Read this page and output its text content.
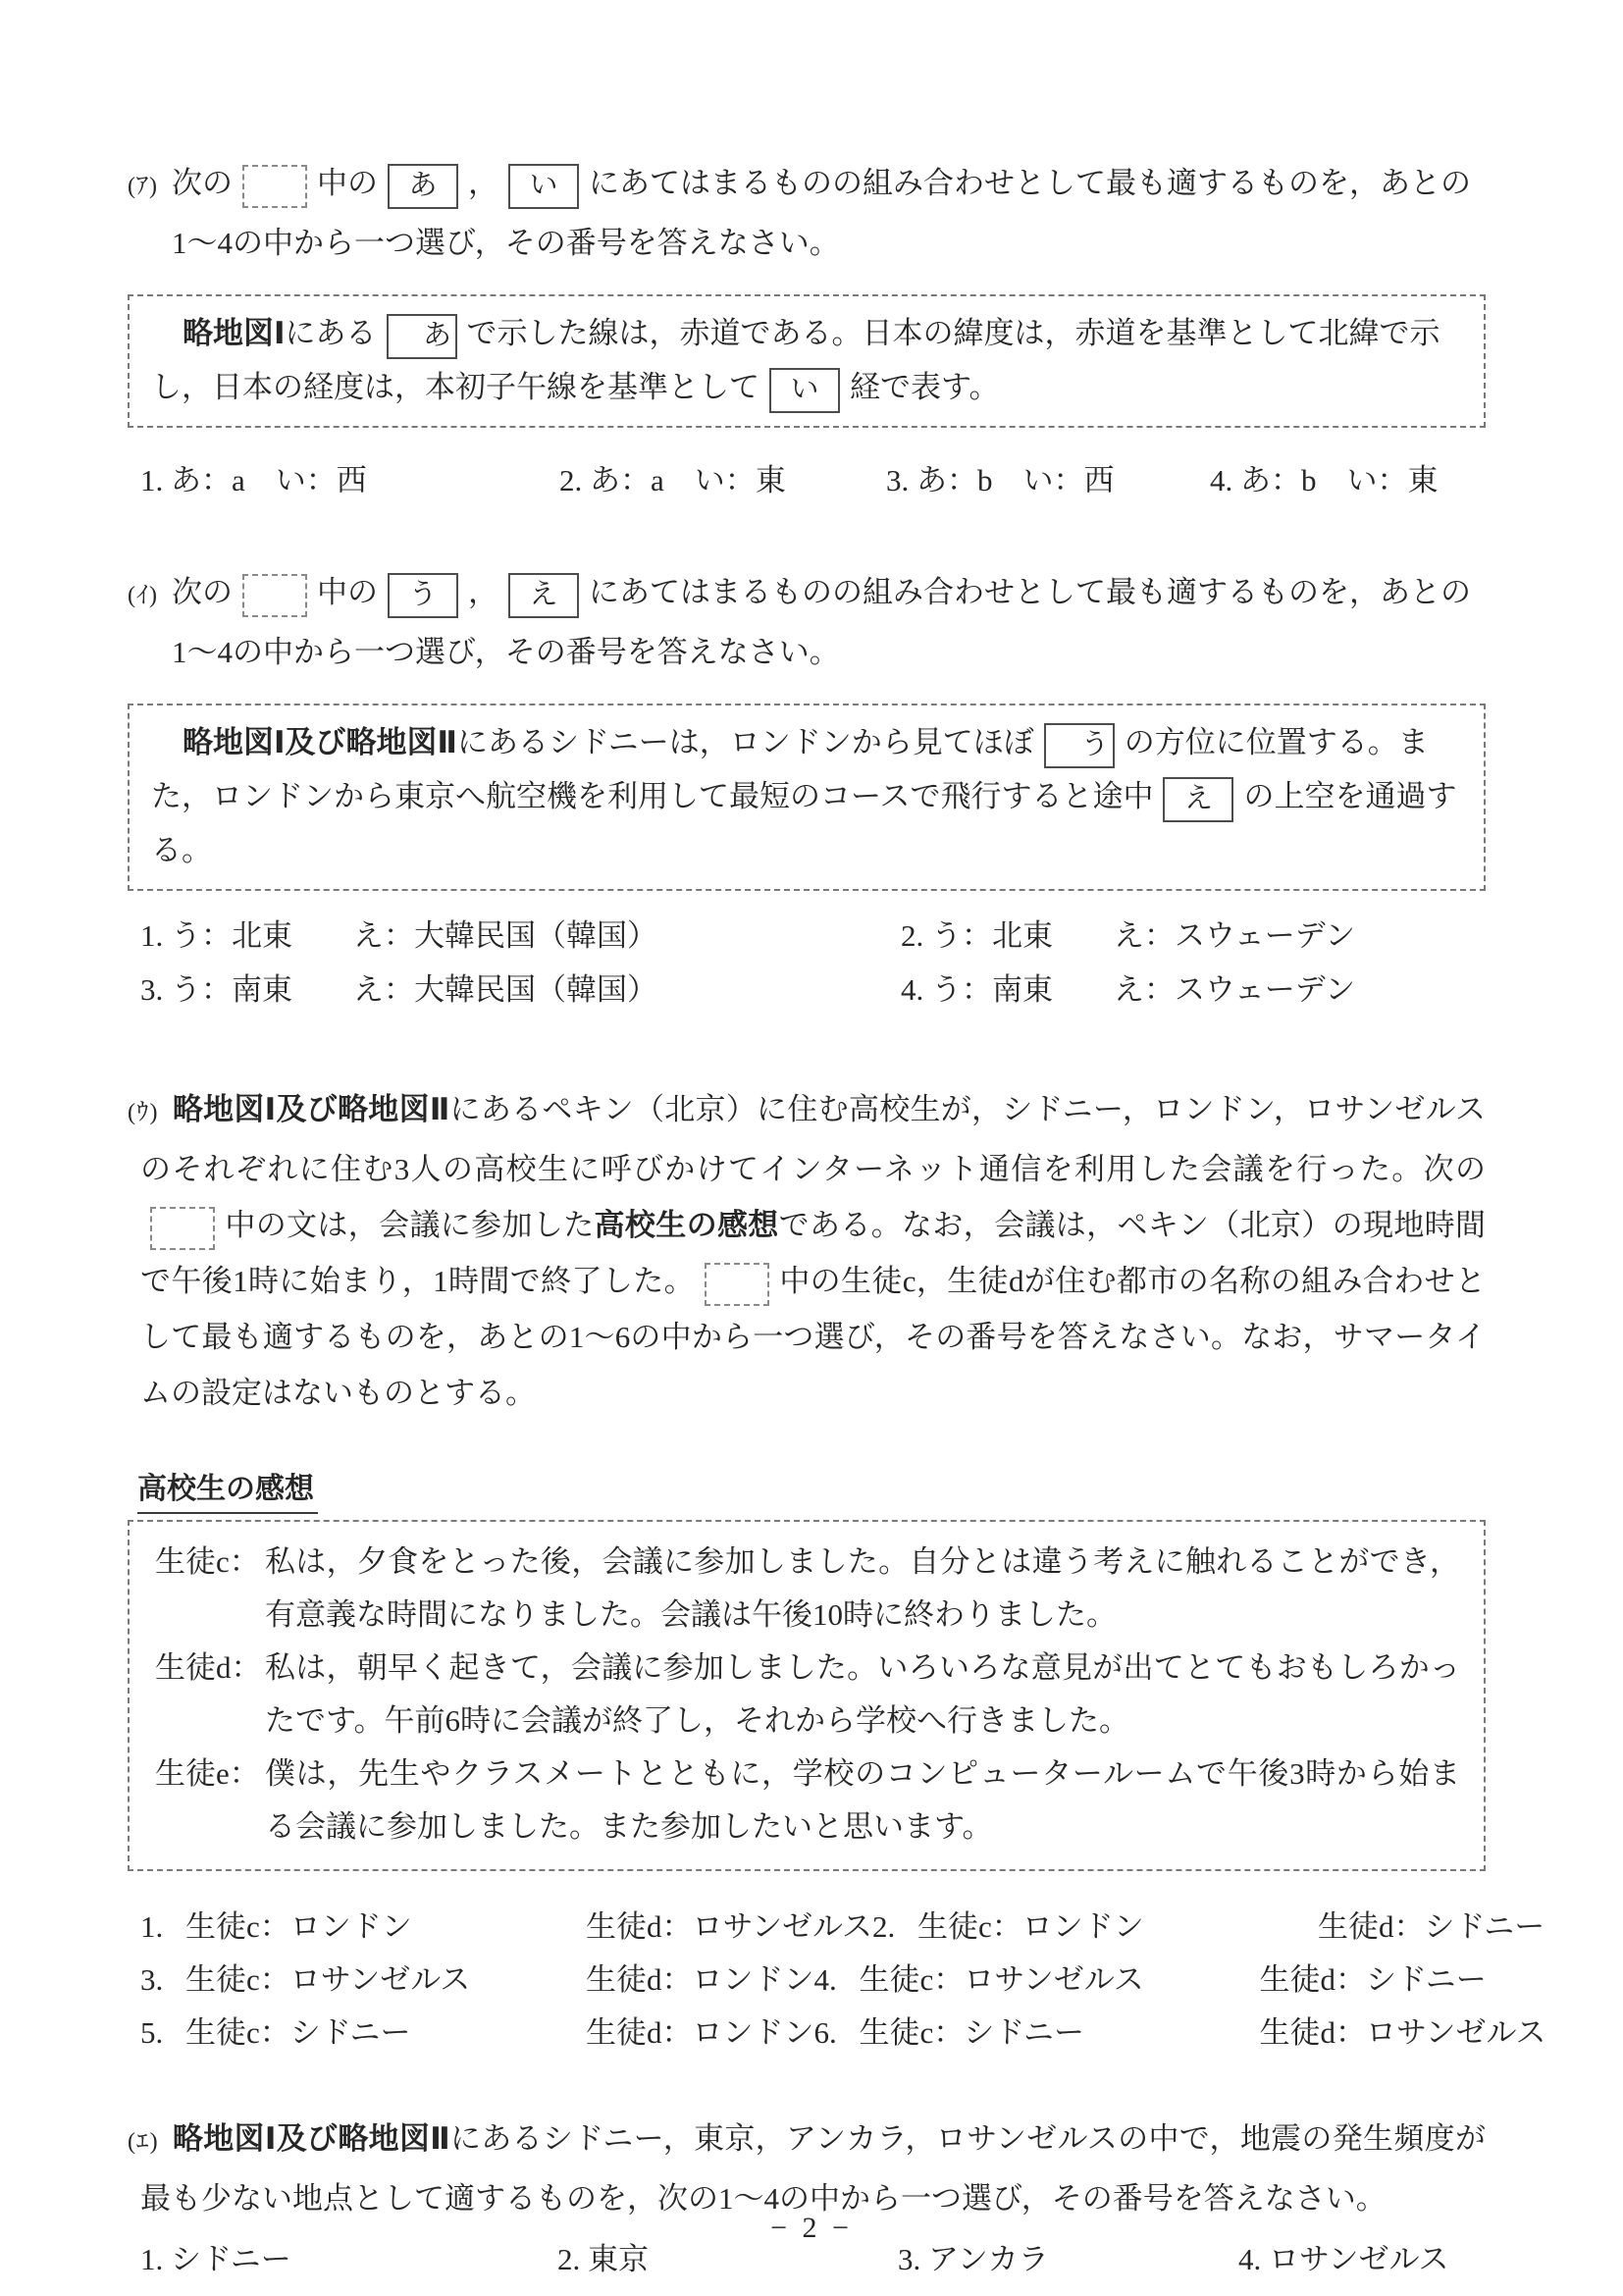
(ｱ) 次の	中の あ ， い にあてはまるものの組み合わせとして最も適するものを，あとの
1～4の中から一つ選び，その番号を答えなさい。
略地図Ⅰにある あ で示した線は，赤道である。日本の緯度は，赤道を基準として北緯で示
し，日本の経度は，本初子午線を基準として い 経で表す。
1. あ：a　い：西	2. あ：a　い：東	3. あ：b　い：西	4. あ：b　い：東
(ｲ) 次の	中の う ， え にあてはまるものの組み合わせとして最も適するものを，あとの
1～4の中から一つ選び，その番号を答えなさい。
略地図Ⅰ及び略地図Ⅱにあるシドニーは，ロンドンから見てほぼ う の方位に位置する。ま
た，ロンドンから東京へ航空機を利用して最短のコースで飛行すると途中 え の上空を通過する。
1. う：北東　　え：大韓民国（韓国）	2. う：北東　　え：スウェーデン
3. う：南東　　え：大韓民国（韓国）	4. う：南東　　え：スウェーデン
(ｳ) 略地図Ⅰ及び略地図Ⅱにあるペキン（北京）に住む高校生が，シドニー，ロンドン，ロサンゼルスのそれぞれに住む3人の高校生に呼びかけてインターネット通信を利用した会議を行った。次の中の文は，会議に参加した高校生の感想である。なお，会議は，ペキン（北京）の現地時間で午後1時に始まり，1時間で終了した。	中の生徒c，生徒dが住む都市の名称の組み合わせとして最も適するものを，あとの1～6の中から一つ選び，その番号を答えなさい。なお，サマータイムの設定はないものとする。
高校生の感想
生徒c： 私は，夕食をとった後，会議に参加しました。自分とは違う考えに触れることができ，有意義な時間になりました。会議は午後10時に終わりました。
生徒d： 私は，朝早く起きて，会議に参加しました。いろいろな意見が出てとてもおもしろかったです。午前6時に会議が終了し，それから学校へ行きました。
生徒e： 僕は，先生やクラスメートとともに，学校のコンピュータールームで午後3時から始まる会議に参加しました。また参加したいと思います。
1. 生徒c：ロンドン	生徒d：ロサンゼルス 2. 生徒c：ロンドン	生徒d：シドニー
3. 生徒c：ロサンゼルス	生徒d：ロンドン 4. 生徒c：ロサンゼルス	生徒d：シドニー
5. 生徒c：シドニー	生徒d：ロンドン 6. 生徒c：シドニー	生徒d：ロサンゼルス
(ｴ) 略地図Ⅰ及び略地図Ⅱにあるシドニー，東京，アンカラ，ロサンゼルスの中で，地震の発生頻度が最も少ない地点として適するものを，次の1～4の中から一つ選び，その番号を答えなさい。
1. シドニー	2. 東京	3. アンカラ	4. ロサンゼルス
− 2 −
